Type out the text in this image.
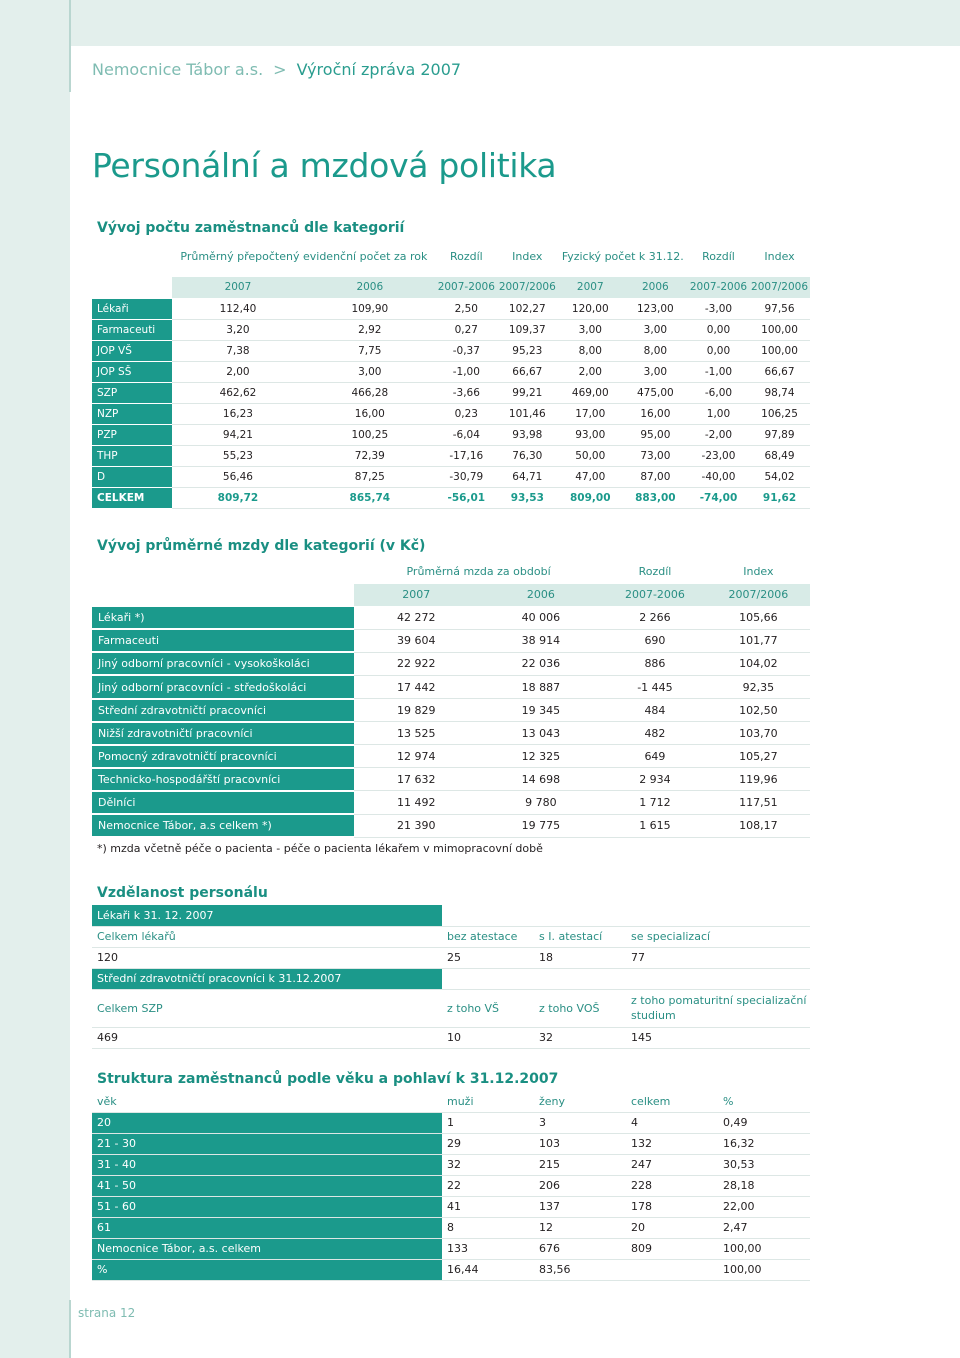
Nemocnice Tábor a.s. > Výroční zpráva 2007
Personální a mzdová politika
Vývoj počtu zaměstnanců dle kategorií
	Průměrný přepočtený evidenční počet za rok		Rozdíl	Index	Fyzický počet k 31.12.		Rozdíl	Index
	2007	2006	2007-2006	2007/2006	2007	2006	2007-2006	2007/2006
Lékaři	112,40	109,90	2,50	102,27	120,00	123,00	-3,00	97,56
Farmaceuti	3,20	2,92	0,27	109,37	3,00	3,00	0,00	100,00
JOP VŠ	7,38	7,75	-0,37	95,23	8,00	8,00	0,00	100,00
JOP SŠ	2,00	3,00	-1,00	66,67	2,00	3,00	-1,00	66,67
SZP	462,62	466,28	-3,66	99,21	469,00	475,00	-6,00	98,74
NZP	16,23	16,00	0,23	101,46	17,00	16,00	1,00	106,25
PZP	94,21	100,25	-6,04	93,98	93,00	95,00	-2,00	97,89
THP	55,23	72,39	-17,16	76,30	50,00	73,00	-23,00	68,49
D	56,46	87,25	-30,79	64,71	47,00	87,00	-40,00	54,02
CELKEM	809,72	865,74	-56,01	93,53	809,00	883,00	-74,00	91,62
Vývoj průměrné mzdy dle kategorií (v Kč)
	Průměrná mzda za období		Rozdíl	Index
	2007	2006	2007-2006	2007/2006
Lékaři *)	42 272	40 006	2 266	105,66
Farmaceuti	39 604	38 914	690	101,77
Jiný odborní pracovníci - vysokoškoláci	22 922	22 036	886	104,02
Jiný odborní pracovníci - středoškoláci	17 442	18 887	-1 445	92,35
Střední zdravotničtí pracovníci	19 829	19 345	484	102,50
Nižší zdravotničtí pracovníci	13 525	13 043	482	103,70
Pomocný zdravotničtí pracovníci	12 974	12 325	649	105,27
Technicko-hospodářští pracovníci	17 632	14 698	2 934	119,96
Dělníci	11 492	9 780	1 712	117,51
Nemocnice Tábor, a.s celkem *)	21 390	19 775	1 615	108,17
*) mzda včetně péče o pacienta - péče o pacienta lékařem v mimopracovní době
Vzdělanost personálu
Lékaři k 31. 12. 2007			
Celkem lékařů	bez atestace	s I. atestací	se specializací
120	25	18	77
Střední zdravotničtí pracovníci k 31.12.2007			
Celkem SZP	z toho VŠ	z toho VOŠ	z toho pomaturitní specializační studium
469	10	32	145
Struktura zaměstnanců podle věku a pohlaví k 31.12.2007
věk	muži	ženy	celkem	%
20	1	3	4	0,49
21 - 30	29	103	132	16,32
31 - 40	32	215	247	30,53
41 - 50	22	206	228	28,18
51 - 60	41	137	178	22,00
61	8	12	20	2,47
Nemocnice Tábor, a.s. celkem	133	676	809	100,00
%	16,44	83,56		100,00
strana 12
